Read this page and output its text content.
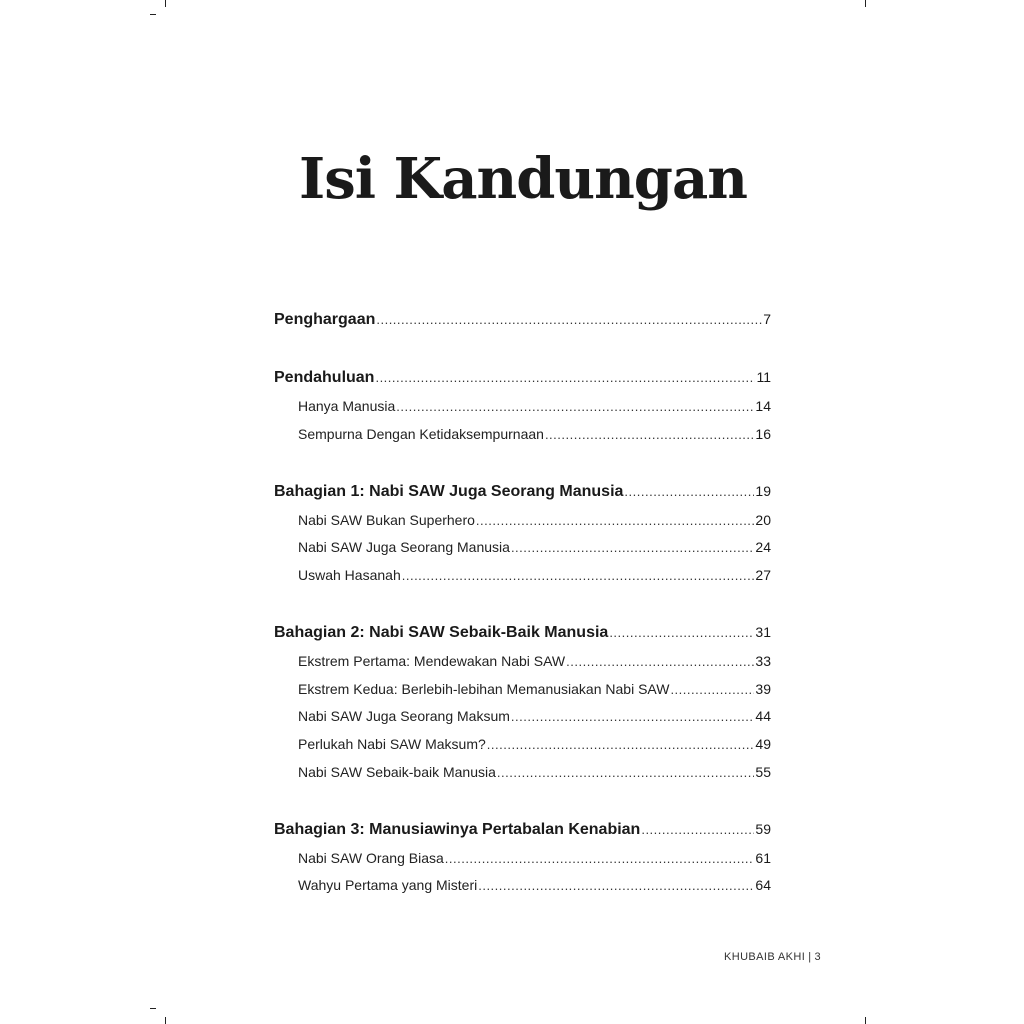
Isi Kandungan
Penghargaan .....	7
Pendahuluan .....	11
Hanya Manusia .....	14
Sempurna Dengan Ketidaksempurnaan .....	16
Bahagian 1: Nabi SAW Juga Seorang Manusia .....	19
Nabi SAW Bukan Superhero .....	20
Nabi SAW Juga Seorang Manusia .....	24
Uswah Hasanah .....	27
Bahagian 2: Nabi SAW Sebaik-Baik Manusia .....	31
Ekstrem Pertama: Mendewakan Nabi SAW .....	33
Ekstrem Kedua: Berlebih-lebihan Memanusiakan Nabi SAW .....	39
Nabi SAW Juga Seorang Maksum .....	44
Perlukah Nabi SAW Maksum? .....	49
Nabi SAW Sebaik-baik Manusia .....	55
Bahagian 3: Manusiawinya Pertabalan Kenabian .....	59
Nabi SAW Orang Biasa .....	61
Wahyu Pertama yang Misteri .....	64
KHUBAIB AKHI | 3
